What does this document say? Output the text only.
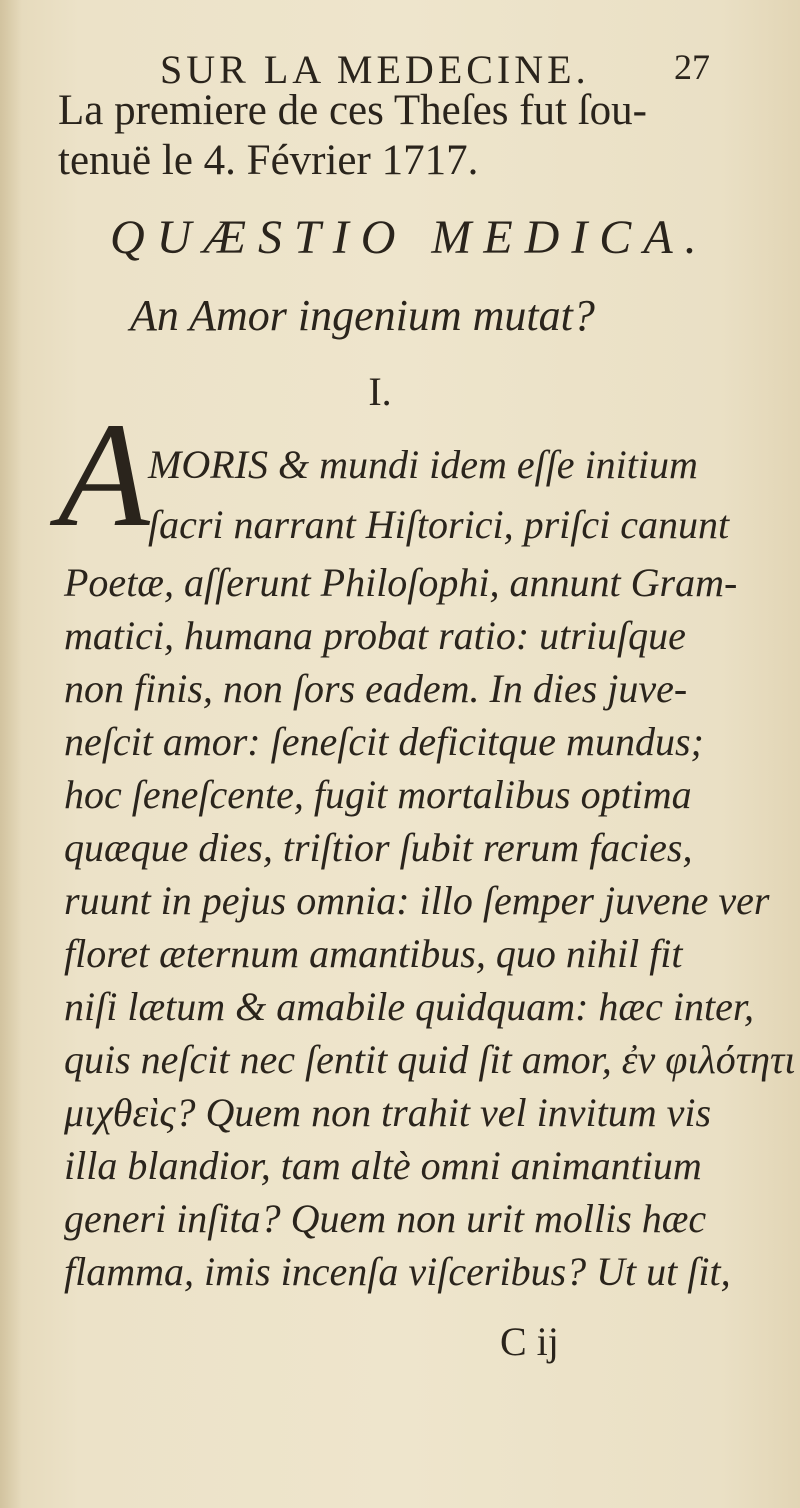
SUR LA MEDECINE. 27
La premiere de ces Theſes fut ſou-
tenuë le 4. Février 1717.
QUÆSTIO MEDICA.
An Amor ingenium mutat?
I.
A
MORIS & mundi idem eſſe initium
ſacri narrant Hiſtorici, priſci canunt
Poetæ, aſſerunt Philoſophi, annunt Gram-
matici, humana probat ratio: utriuſque
non finis, non ſors eadem. In dies juve-
neſcit amor: ſeneſcit deficitque mundus;
hoc ſeneſcente, fugit mortalibus optima
quæque dies, triſtior ſubit rerum facies,
ruunt in pejus omnia: illo ſemper juvene ver
floret æternum amantibus, quo nihil fit
niſi lætum & amabile quidquam: hæc inter,
quis neſcit nec ſentit quid ſit amor, ἐν φιλότητι
μιχθεὶς? Quem non trahit vel invitum vis
illa blandior, tam altè omni animantium
generi inſita? Quem non urit mollis hæc
flamma, imis incenſa viſceribus? Ut ut ſit,
C ij
